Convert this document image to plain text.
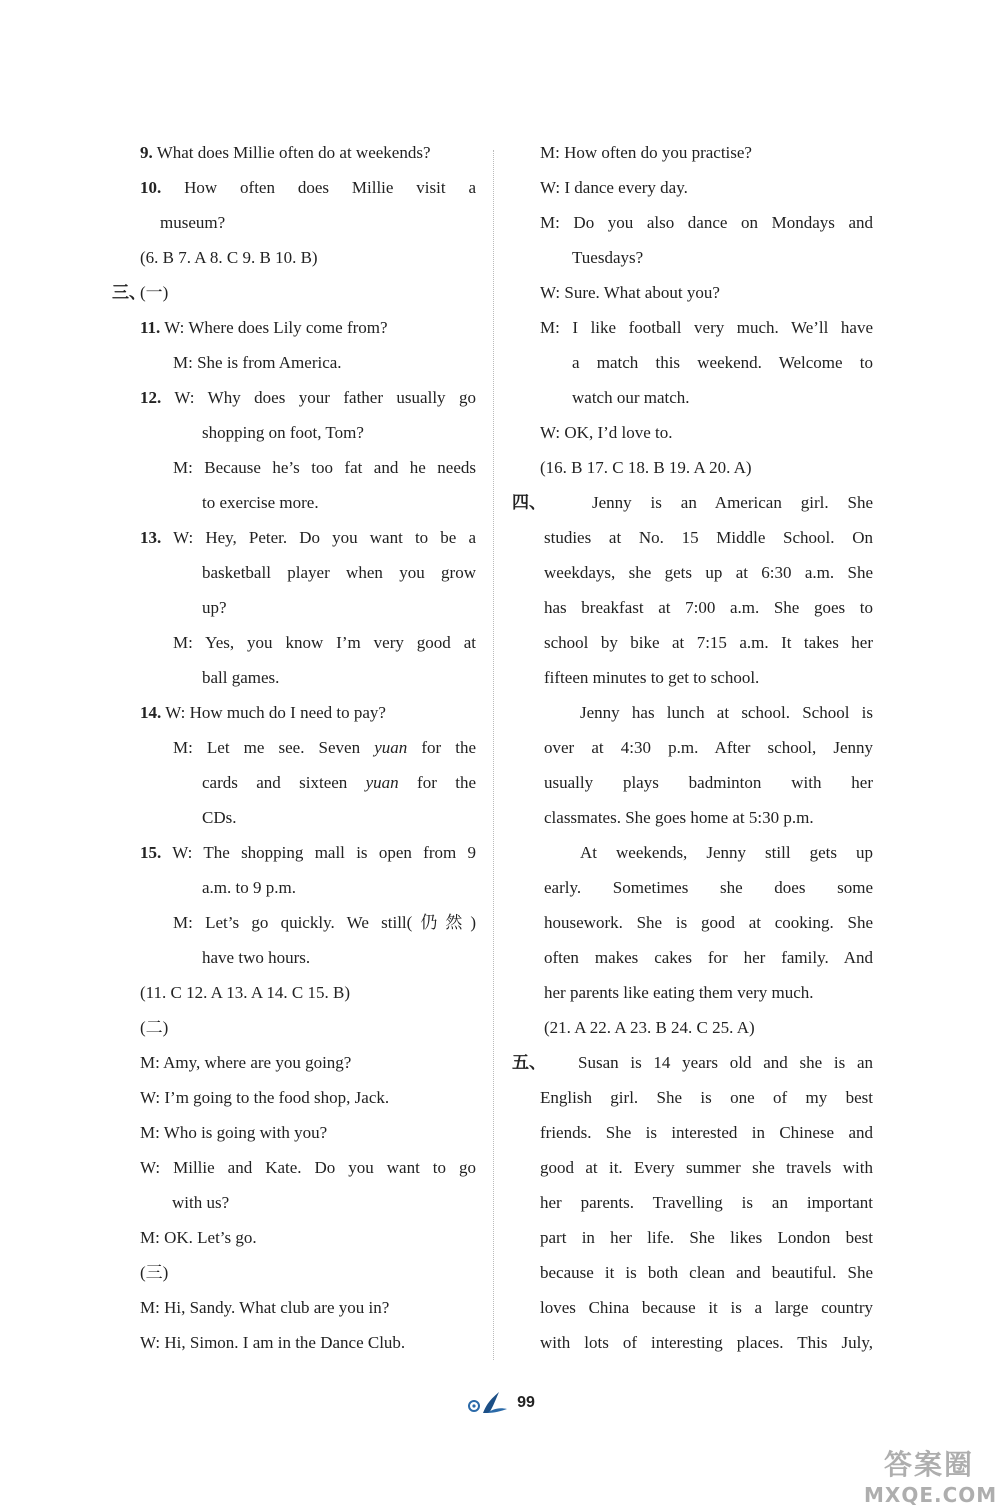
9. What does Millie often do at weekends?
10. How often does Millie visit a
museum?
(6. B 7. A 8. C 9. B 10. B)
三、
(一)
11. W: Where does Lily come from?
M: She is from America.
12. W: Why does your father usually go
shopping on foot, Tom?
M: Because he’s too fat and he needs
to exercise more.
13. W: Hey, Peter. Do you want to be a
basketball player when you grow
up?
M: Yes, you know I’m very good at
ball games.
14. W: How much do I need to pay?
M: Let me see. Seven yuan for the
cards and sixteen yuan for the
CDs.
15. W: The shopping mall is open from 9
a.m. to 9 p.m.
M: Let’s go quickly. We still(仍然)
have two hours.
(11. C 12. A 13. A 14. C 15. B)
(二)
M: Amy, where are you going?
W: I’m going to the food shop, Jack.
M: Who is going with you?
W: Millie and Kate. Do you want to go
with us?
M: OK. Let’s go.
(三)
M: Hi, Sandy. What club are you in?
W: Hi, Simon. I am in the Dance Club.
M: How often do you practise?
W: I dance every day.
M: Do you also dance on Mondays and
Tuesdays?
W: Sure. What about you?
M: I like football very much. We’ll have
a match this weekend. Welcome to
watch our match.
W: OK, I’d love to.
(16. B 17. C 18. B 19. A 20. A)
四、	Jenny is an American girl. She
studies at No. 15 Middle School. On
weekdays, she gets up at 6:30 a.m. She
has breakfast at 7:00 a.m. She goes to
school by bike at 7:15 a.m. It takes her
fifteen minutes to get to school.
Jenny has lunch at school. School is
over at 4:30 p.m. After school, Jenny
usually plays badminton with her
classmates. She goes home at 5:30 p.m.
At weekends, Jenny still gets up
early. Sometimes she does some
housework. She is good at cooking. She
often makes cakes for her family. And
her parents like eating them very much.
(21. A 22. A 23. B 24. C 25. A)
五、 Susan is 14 years old and she is an
English girl. She is one of my best
friends. She is interested in Chinese and
good at it. Every summer she travels with
her parents. Travelling is an important
part in her life. She likes London best
because it is both clean and beautiful. She
loves China because it is a large country
with lots of interesting places. This July,
99
答案圈
MXQE.COM
